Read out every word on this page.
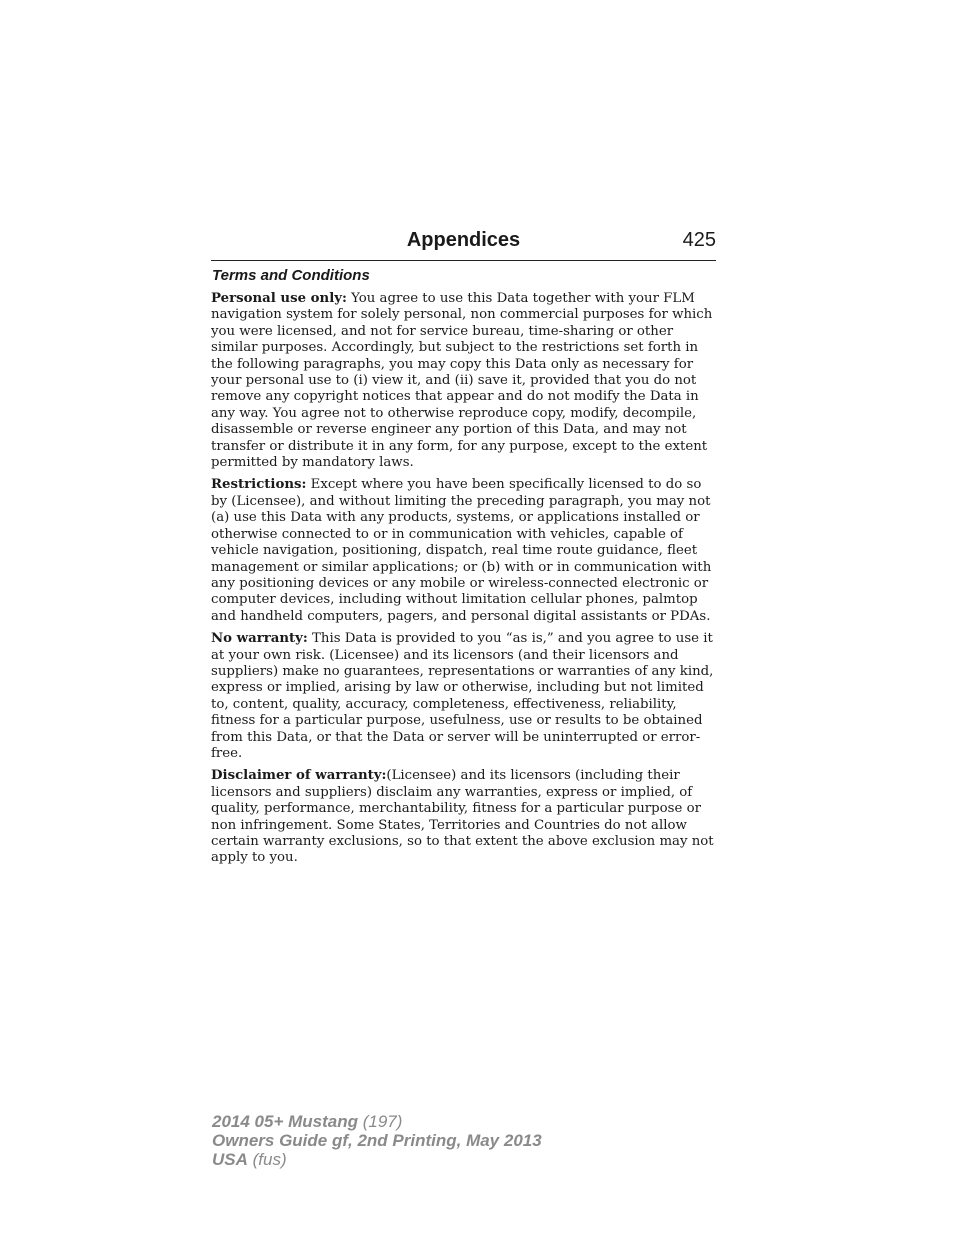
Appendices	425
Terms and Conditions

Personal use only: You agree to use this Data together with your FLM navigation system for solely personal, non commercial purposes for which you were licensed, and not for service bureau, time-sharing or other similar purposes. Accordingly, but subject to the restrictions set forth in the following paragraphs, you may copy this Data only as necessary for your personal use to (i) view it, and (ii) save it, provided that you do not remove any copyright notices that appear and do not modify the Data in any way. You agree not to otherwise reproduce copy, modify, decompile, disassemble or reverse engineer any portion of this Data, and may not transfer or distribute it in any form, for any purpose, except to the extent permitted by mandatory laws.

Restrictions: Except where you have been specifically licensed to do so by (Licensee), and without limiting the preceding paragraph, you may not (a) use this Data with any products, systems, or applications installed or otherwise connected to or in communication with vehicles, capable of vehicle navigation, positioning, dispatch, real time route guidance, fleet management or similar applications; or (b) with or in communication with any positioning devices or any mobile or wireless-connected electronic or computer devices, including without limitation cellular phones, palmtop and handheld computers, pagers, and personal digital assistants or PDAs.

No warranty: This Data is provided to you “as is,” and you agree to use it at your own risk. (Licensee) and its licensors (and their licensors and suppliers) make no guarantees, representations or warranties of any kind, express or implied, arising by law or otherwise, including but not limited to, content, quality, accuracy, completeness, effectiveness, reliability, fitness for a particular purpose, usefulness, use or results to be obtained from this Data, or that the Data or server will be uninterrupted or error-free.

Disclaimer of warranty:(Licensee) and its licensors (including their licensors and suppliers) disclaim any warranties, express or implied, of quality, performance, merchantability, fitness for a particular purpose or non infringement. Some States, Territories and Countries do not allow certain warranty exclusions, so to that extent the above exclusion may not apply to you.

2014 05+ Mustang (197)
Owners Guide gf, 2nd Printing, May 2013
USA (fus)
